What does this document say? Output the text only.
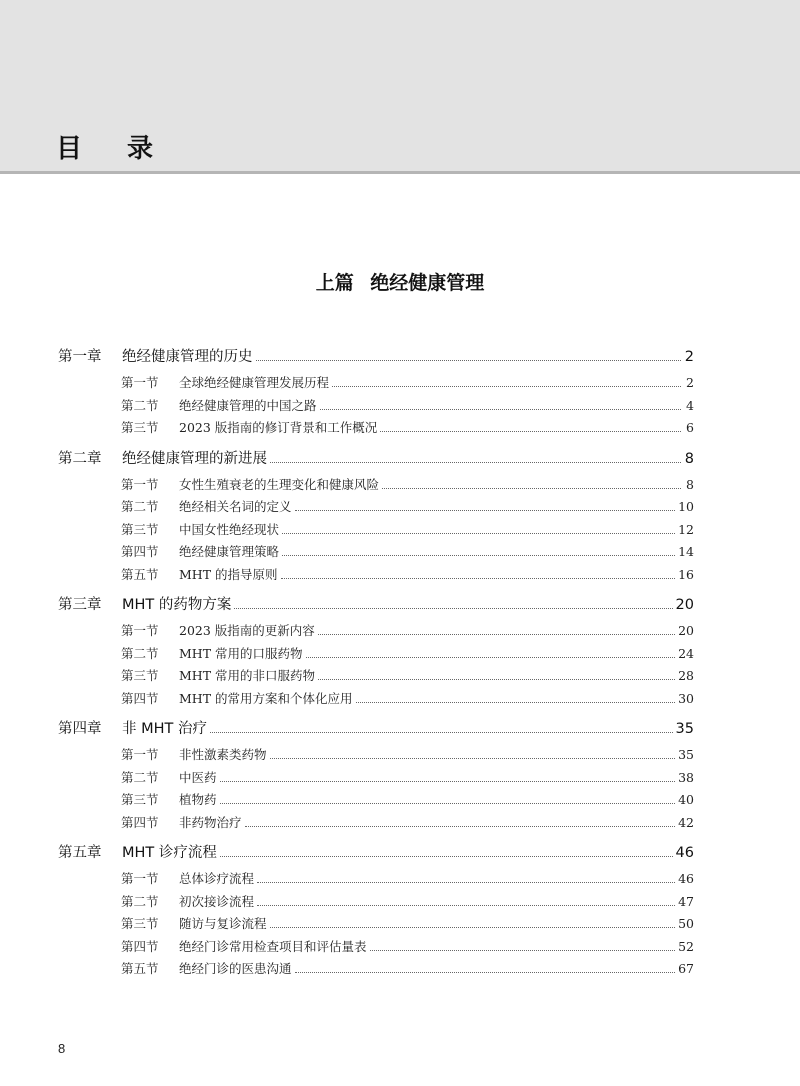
目 录
上篇 绝经健康管理
第一章	绝经健康管理的历史	2
第一节	全球绝经健康管理发展历程	2
第二节	绝经健康管理的中国之路	4
第三节	2023 版指南的修订背景和工作概况	6
第二章	绝经健康管理的新进展	8
第一节	女性生殖衰老的生理变化和健康风险	8
第二节	绝经相关名词的定义	10
第三节	中国女性绝经现状	12
第四节	绝经健康管理策略	14
第五节	MHT 的指导原则	16
第三章	MHT 的药物方案	20
第一节	2023 版指南的更新内容	20
第二节	MHT 常用的口服药物	24
第三节	MHT 常用的非口服药物	28
第四节	MHT 的常用方案和个体化应用	30
第四章	非 MHT 治疗	35
第一节	非性激素类药物	35
第二节	中医药	38
第三节	植物药	40
第四节	非药物治疗	42
第五章	MHT 诊疗流程	46
第一节	总体诊疗流程	46
第二节	初次接诊流程	47
第三节	随访与复诊流程	50
第四节	绝经门诊常用检查项目和评估量表	52
第五节	绝经门诊的医患沟通	67
8
